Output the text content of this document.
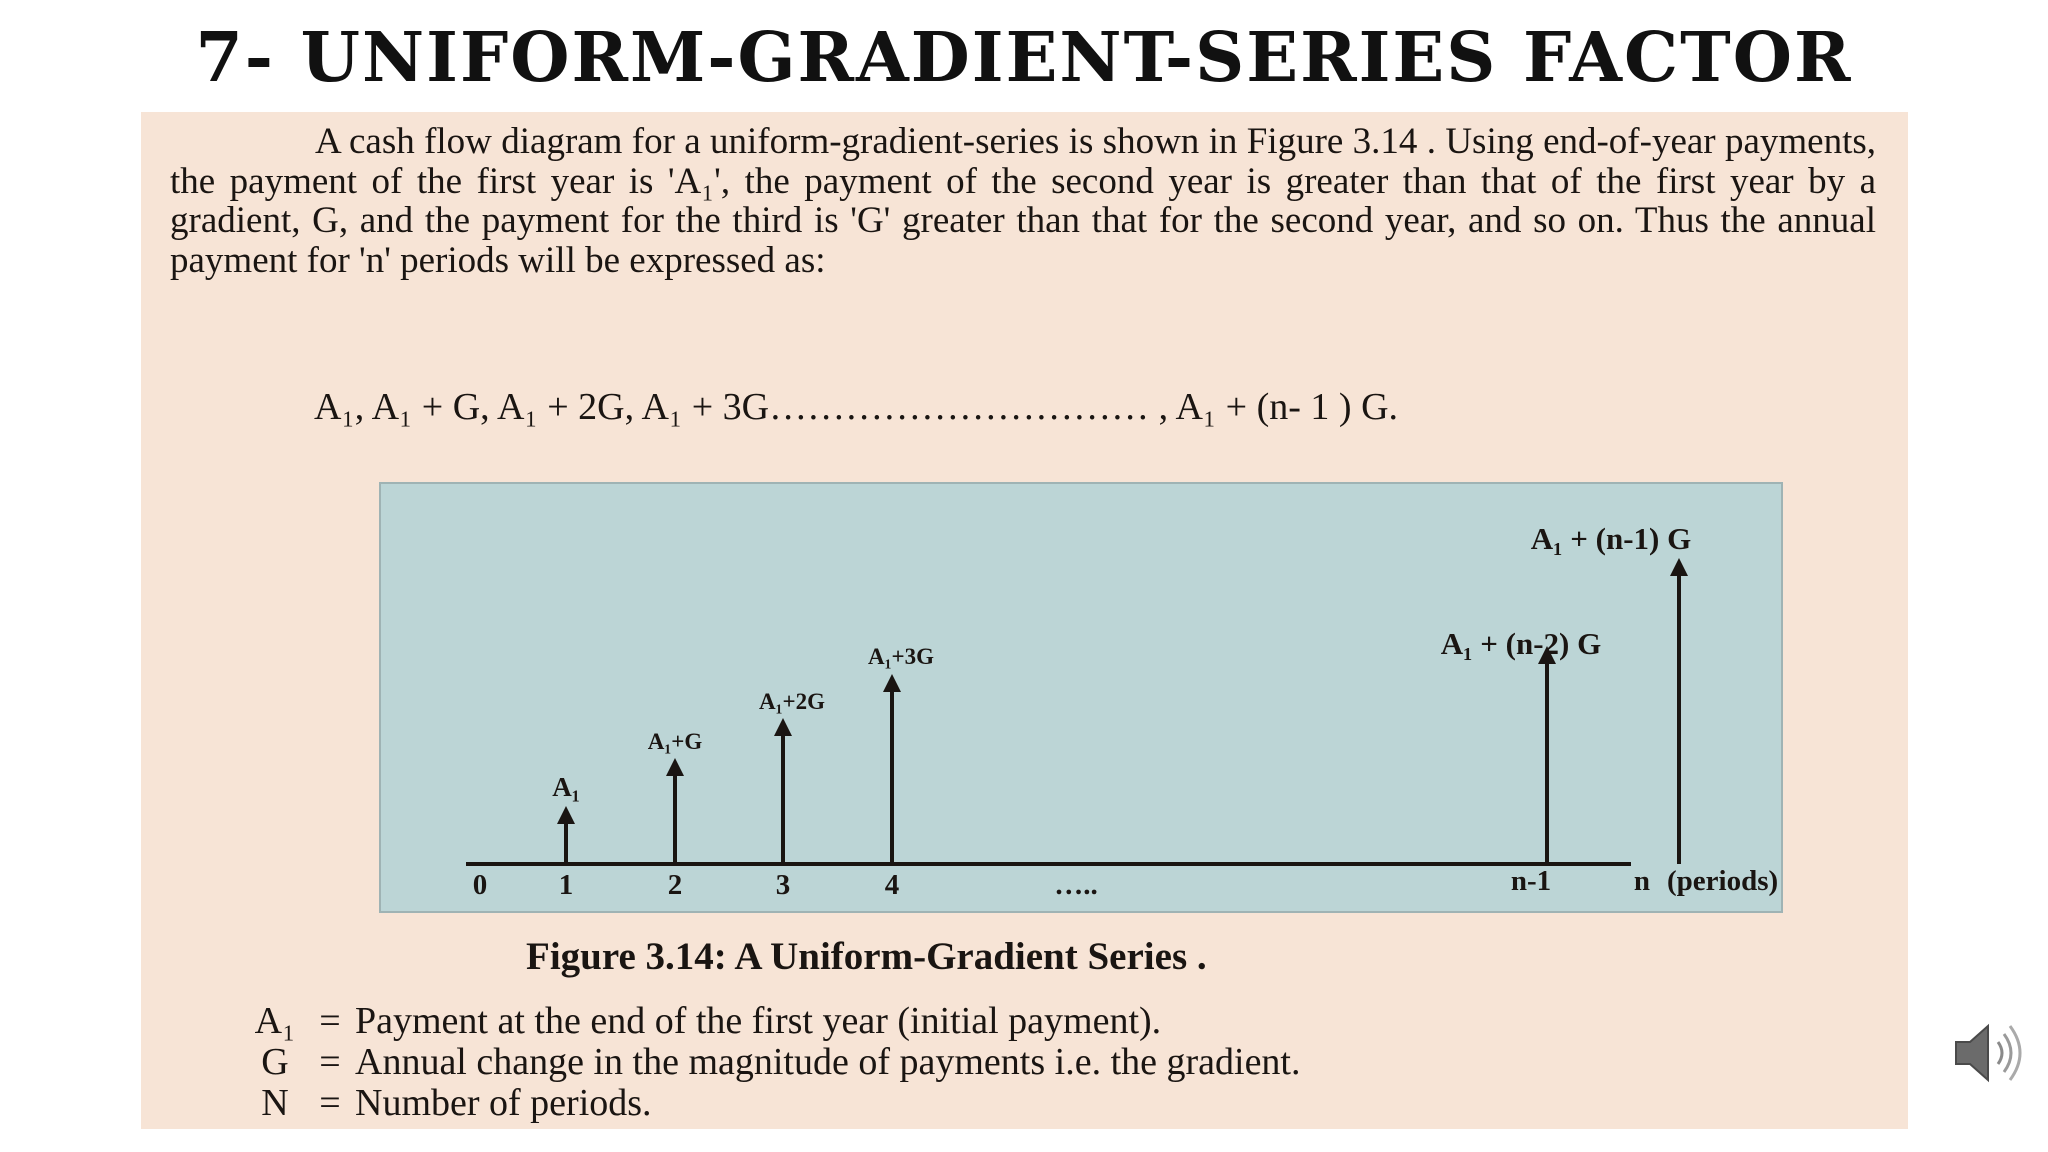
7- UNIFORM-GRADIENT-SERIES FACTOR
A cash flow diagram for a uniform-gradient-series is shown in Figure 3.14 . Using end-of-year payments, the payment of the first year is 'A₁', the payment of the second year is greater than that of the first year by a gradient, G, and the payment for the third is 'G' greater than that for the second year, and so on. Thus the annual payment for 'n' periods will be expressed as:
A₁, A₁ + G, A₁ + 2G, A₁ + 3G………………………… , A₁ + (n- 1 ) G.
A₁
A₁+G
A₁+2G
A₁+3G	A₁ + (n-2) G
A₁ + (n-1) G
0 1	2	3	4	…..	n-1	n (periods)
Figure 3.14: A Uniform-Gradient Series .
A₁ = Payment at the end of the first year (initial payment).
G = Annual change in the magnitude of payments i.e. the gradient.
N = Number of periods.
